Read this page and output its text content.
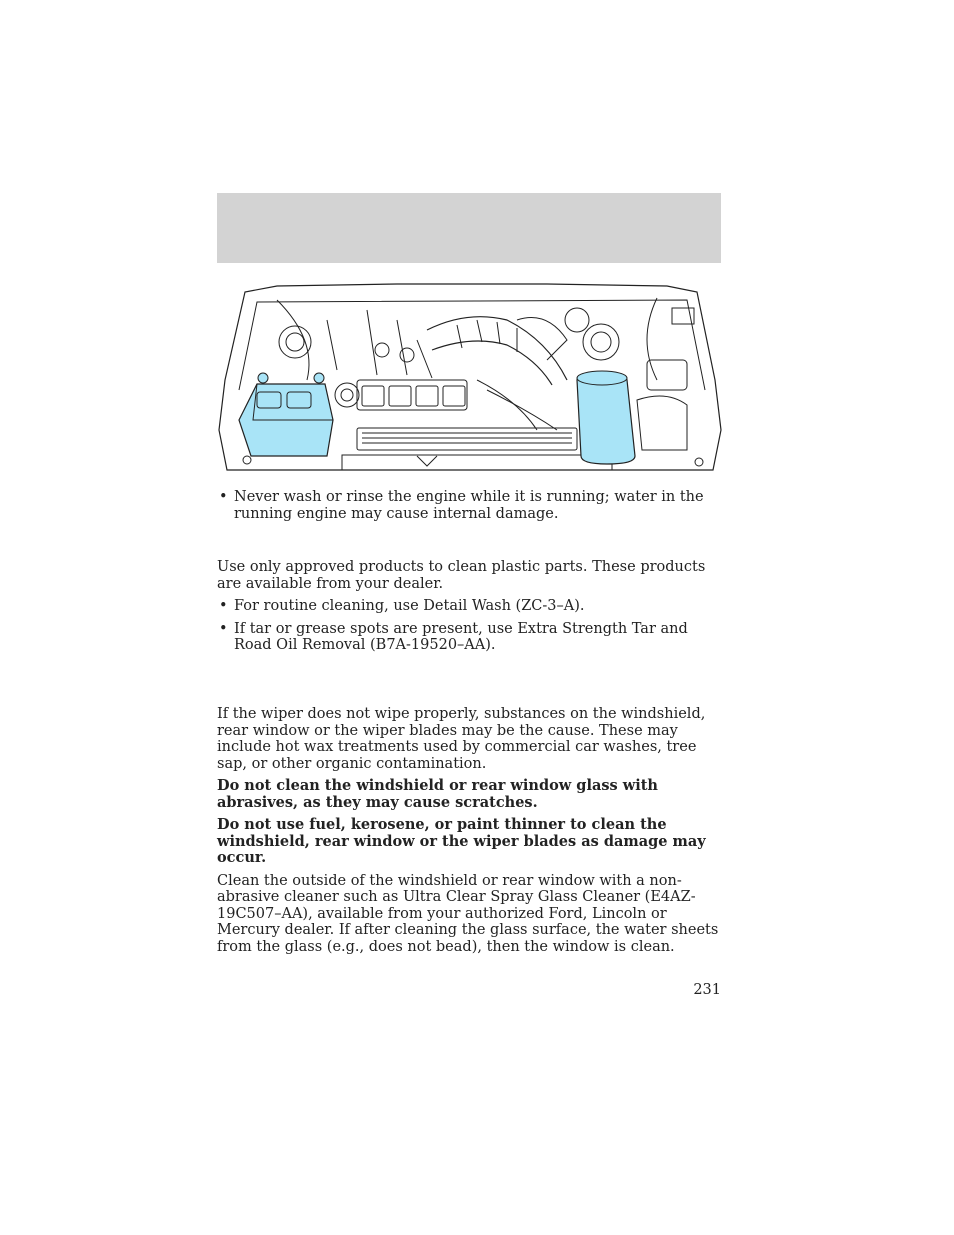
• Never wash or rinse the engine while it is running; water in the running engine may cause internal damage.

Use only approved products to clean plastic parts. These products are available from your dealer.

• For routine cleaning, use Detail Wash (ZC-3–A).

• If tar or grease spots are present, use Extra Strength Tar and Road Oil Removal (B7A-19520–AA).

If the wiper does not wipe properly, substances on the windshield, rear window or the wiper blades may be the cause. These may include hot wax treatments used by commercial car washes, tree sap, or other organic contamination.

Do not clean the windshield or rear window glass with abrasives, as they may cause scratches.

Do not use fuel, kerosene, or paint thinner to clean the windshield, rear window or the wiper blades as damage may occur.

Clean the outside of the windshield or rear window with a non-abrasive cleaner such as Ultra Clear Spray Glass Cleaner (E4AZ-19C507–AA), available from your authorized Ford, Lincoln or Mercury dealer. If after cleaning the glass surface, the water sheets from the glass (e.g., does not bead), then the window is clean.

231
